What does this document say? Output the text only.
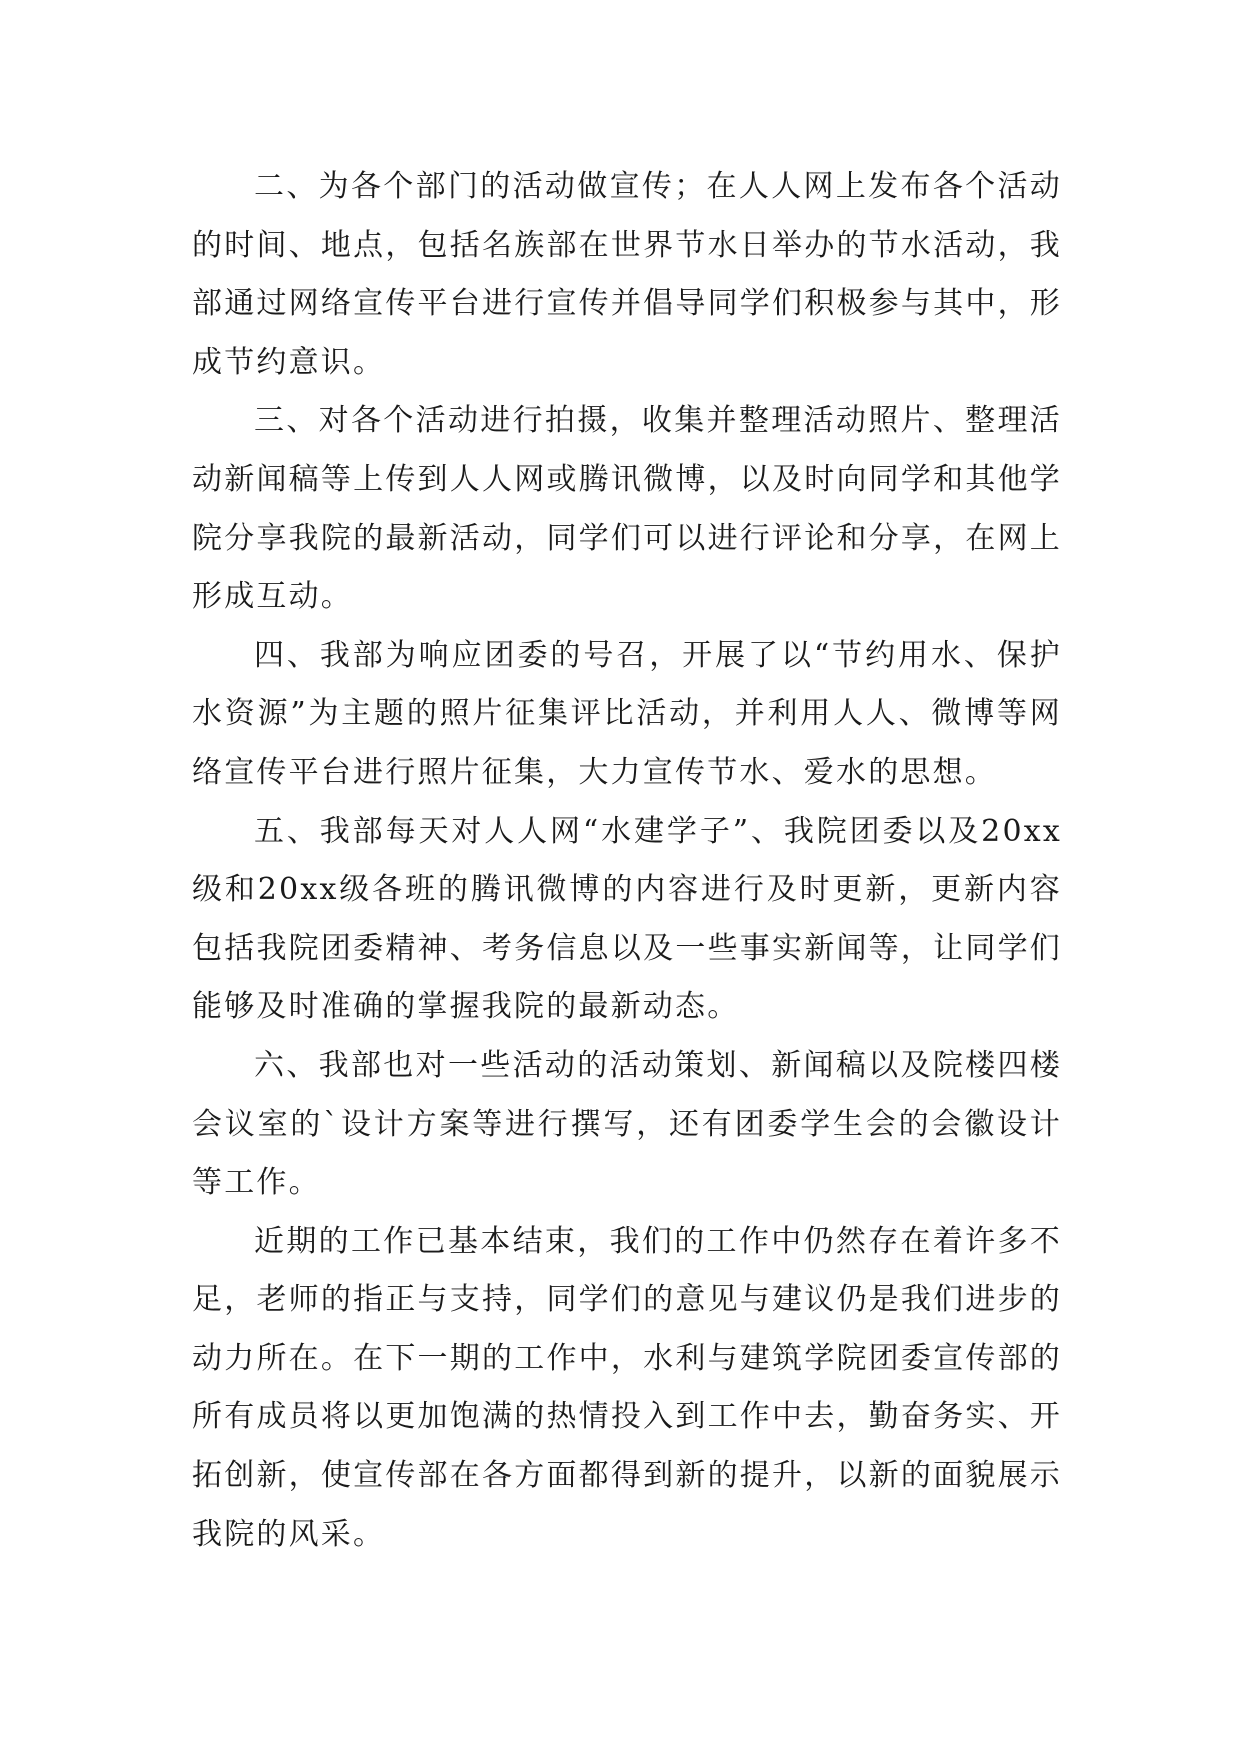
二、为各个部门的活动做宣传；在人人网上发布各个活动的时间、地点，包括名族部在世界节水日举办的节水活动，我部通过网络宣传平台进行宣传并倡导同学们积极参与其中，形成节约意识。

三、对各个活动进行拍摄，收集并整理活动照片、整理活动新闻稿等上传到人人网或腾讯微博，以及时向同学和其他学院分享我院的最新活动，同学们可以进行评论和分享，在网上形成互动。

四、我部为响应团委的号召，开展了以“节约用水、保护水资源”为主题的照片征集评比活动，并利用人人、微博等网络宣传平台进行照片征集，大力宣传节水、爱水的思想。

五、我部每天对人人网“水建学子”、我院团委以及20xx级和20xx级各班的腾讯微博的内容进行及时更新，更新内容包括我院团委精神、考务信息以及一些事实新闻等，让同学们能够及时准确的掌握我院的最新动态。

六、我部也对一些活动的活动策划、新闻稿以及院楼四楼会议室的`设计方案等进行撰写，还有团委学生会的会徽设计等工作。

近期的工作已基本结束，我们的工作中仍然存在着许多不足，老师的指正与支持，同学们的意见与建议仍是我们进步的动力所在。在下一期的工作中，水利与建筑学院团委宣传部的所有成员将以更加饱满的热情投入到工作中去，勤奋务实、开拓创新，使宣传部在各方面都得到新的提升，以新的面貌展示我院的风采。
